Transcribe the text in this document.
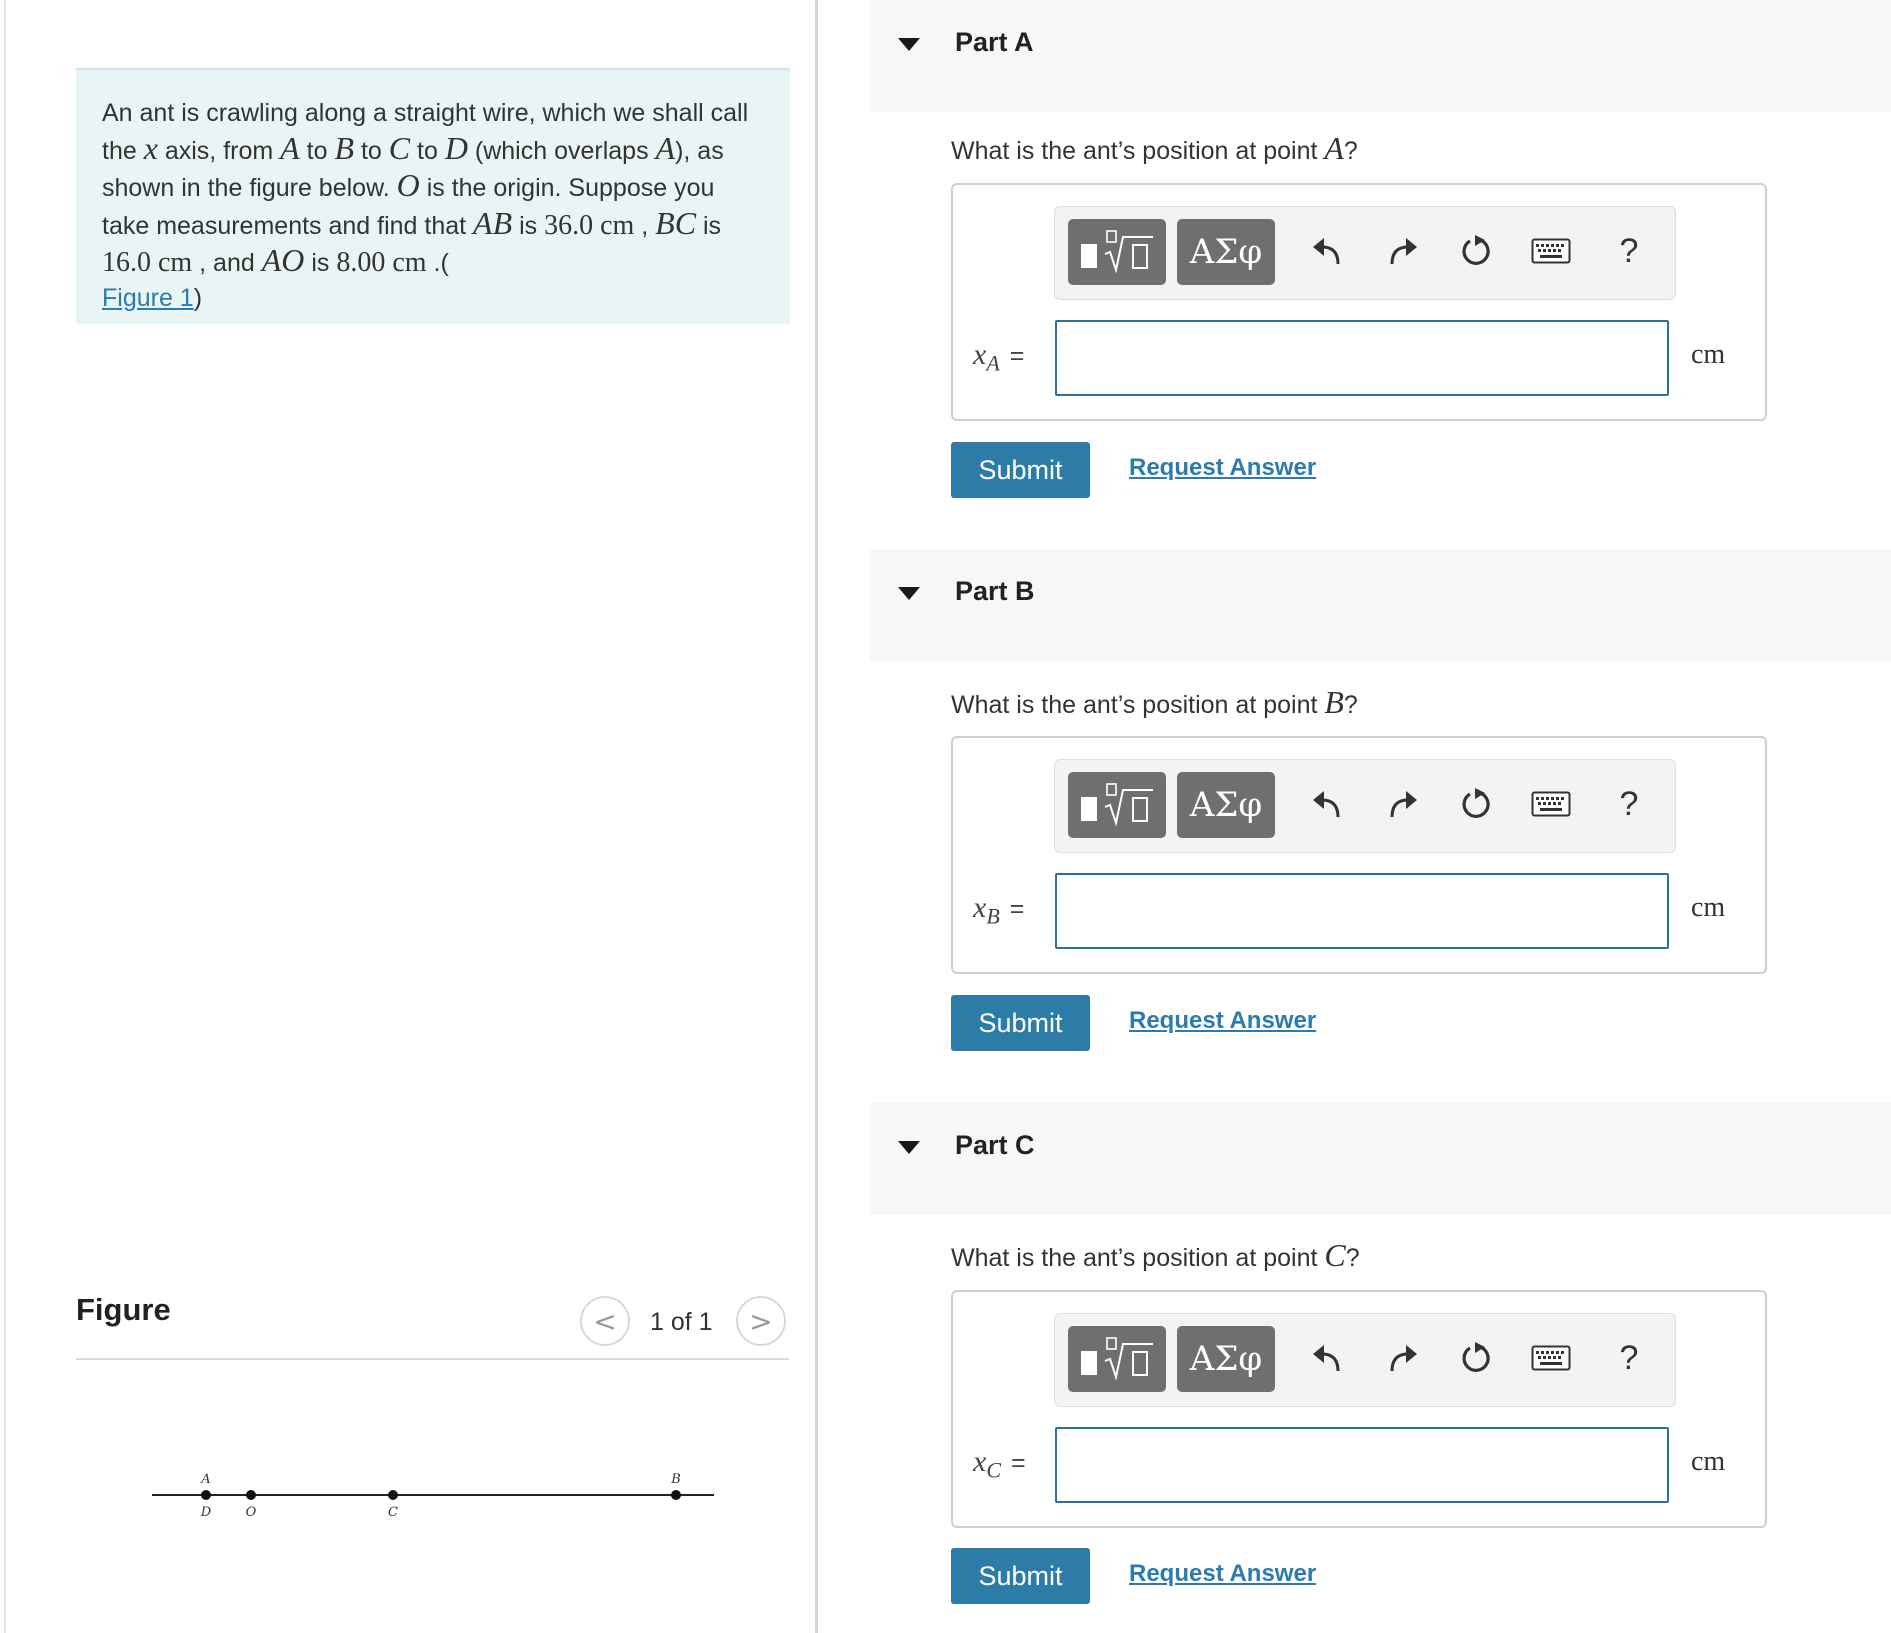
An ant is crawling along a straight wire, which we shall call the x axis, from A to B to C to D (which overlaps A), as shown in the figure below. O is the origin. Suppose you take measurements and find that AB is 36.0 cm , BC is 16.0 cm , and AO is 8.00 cm .(
Figure 1)
Figure	< 1 of 1 >
A
D	O	C
B
Part A
What is the ant’s position at point A?
ΑΣφ	?
$x_A$ =	cm
Submit	Request Answer
Part B
What is the ant’s position at point B?
ΑΣφ	?
$x_B$ =	cm
Submit	Request Answer
Part C
What is the ant’s position at point C?
ΑΣφ	?
$x_C$ =	cm
Submit	Request Answer
